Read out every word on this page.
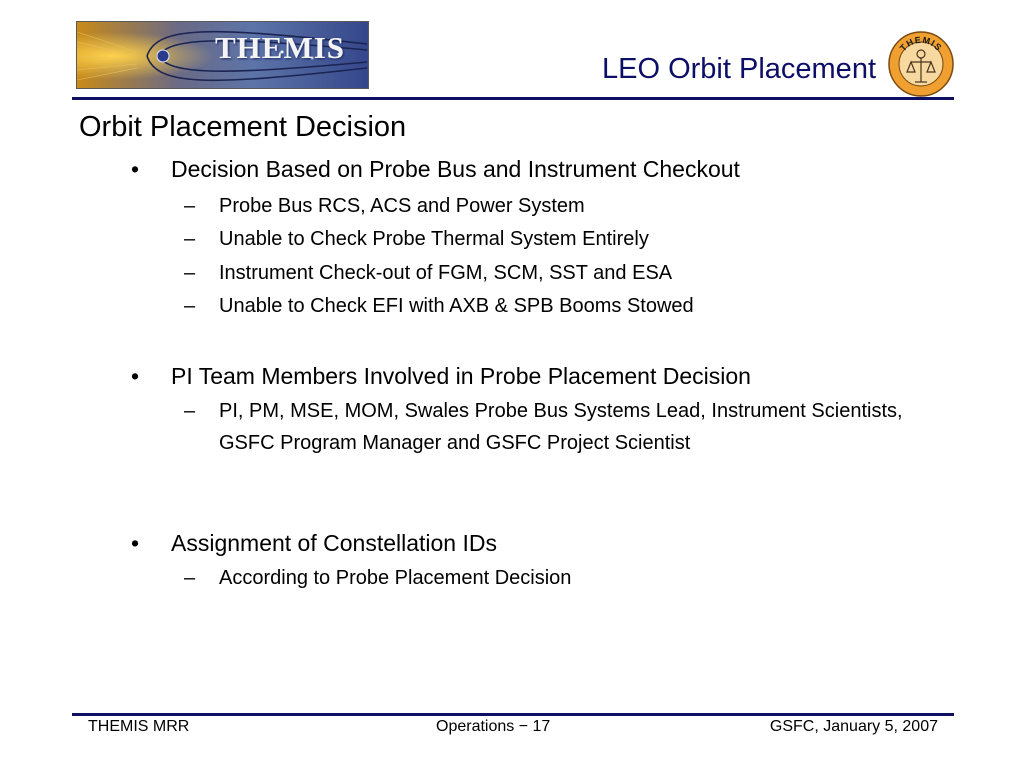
THEMIS
LEO Orbit Placement
THEMIS
Orbit Placement Decision
• Decision Based on Probe Bus and Instrument Checkout
– Probe Bus RCS, ACS and Power System
– Unable to Check Probe Thermal System Entirely
– Instrument Check-out of FGM, SCM, SST and ESA
– Unable to Check EFI with AXB & SPB Booms Stowed
• PI Team Members Involved in Probe Placement Decision
– PI, PM, MSE, MOM, Swales Probe Bus Systems Lead, Instrument Scientists, GSFC Program Manager and GSFC Project Scientist
• Assignment of Constellation IDs
– According to Probe Placement Decision
THEMIS MRR	Operations − 17	GSFC, January 5, 2007
